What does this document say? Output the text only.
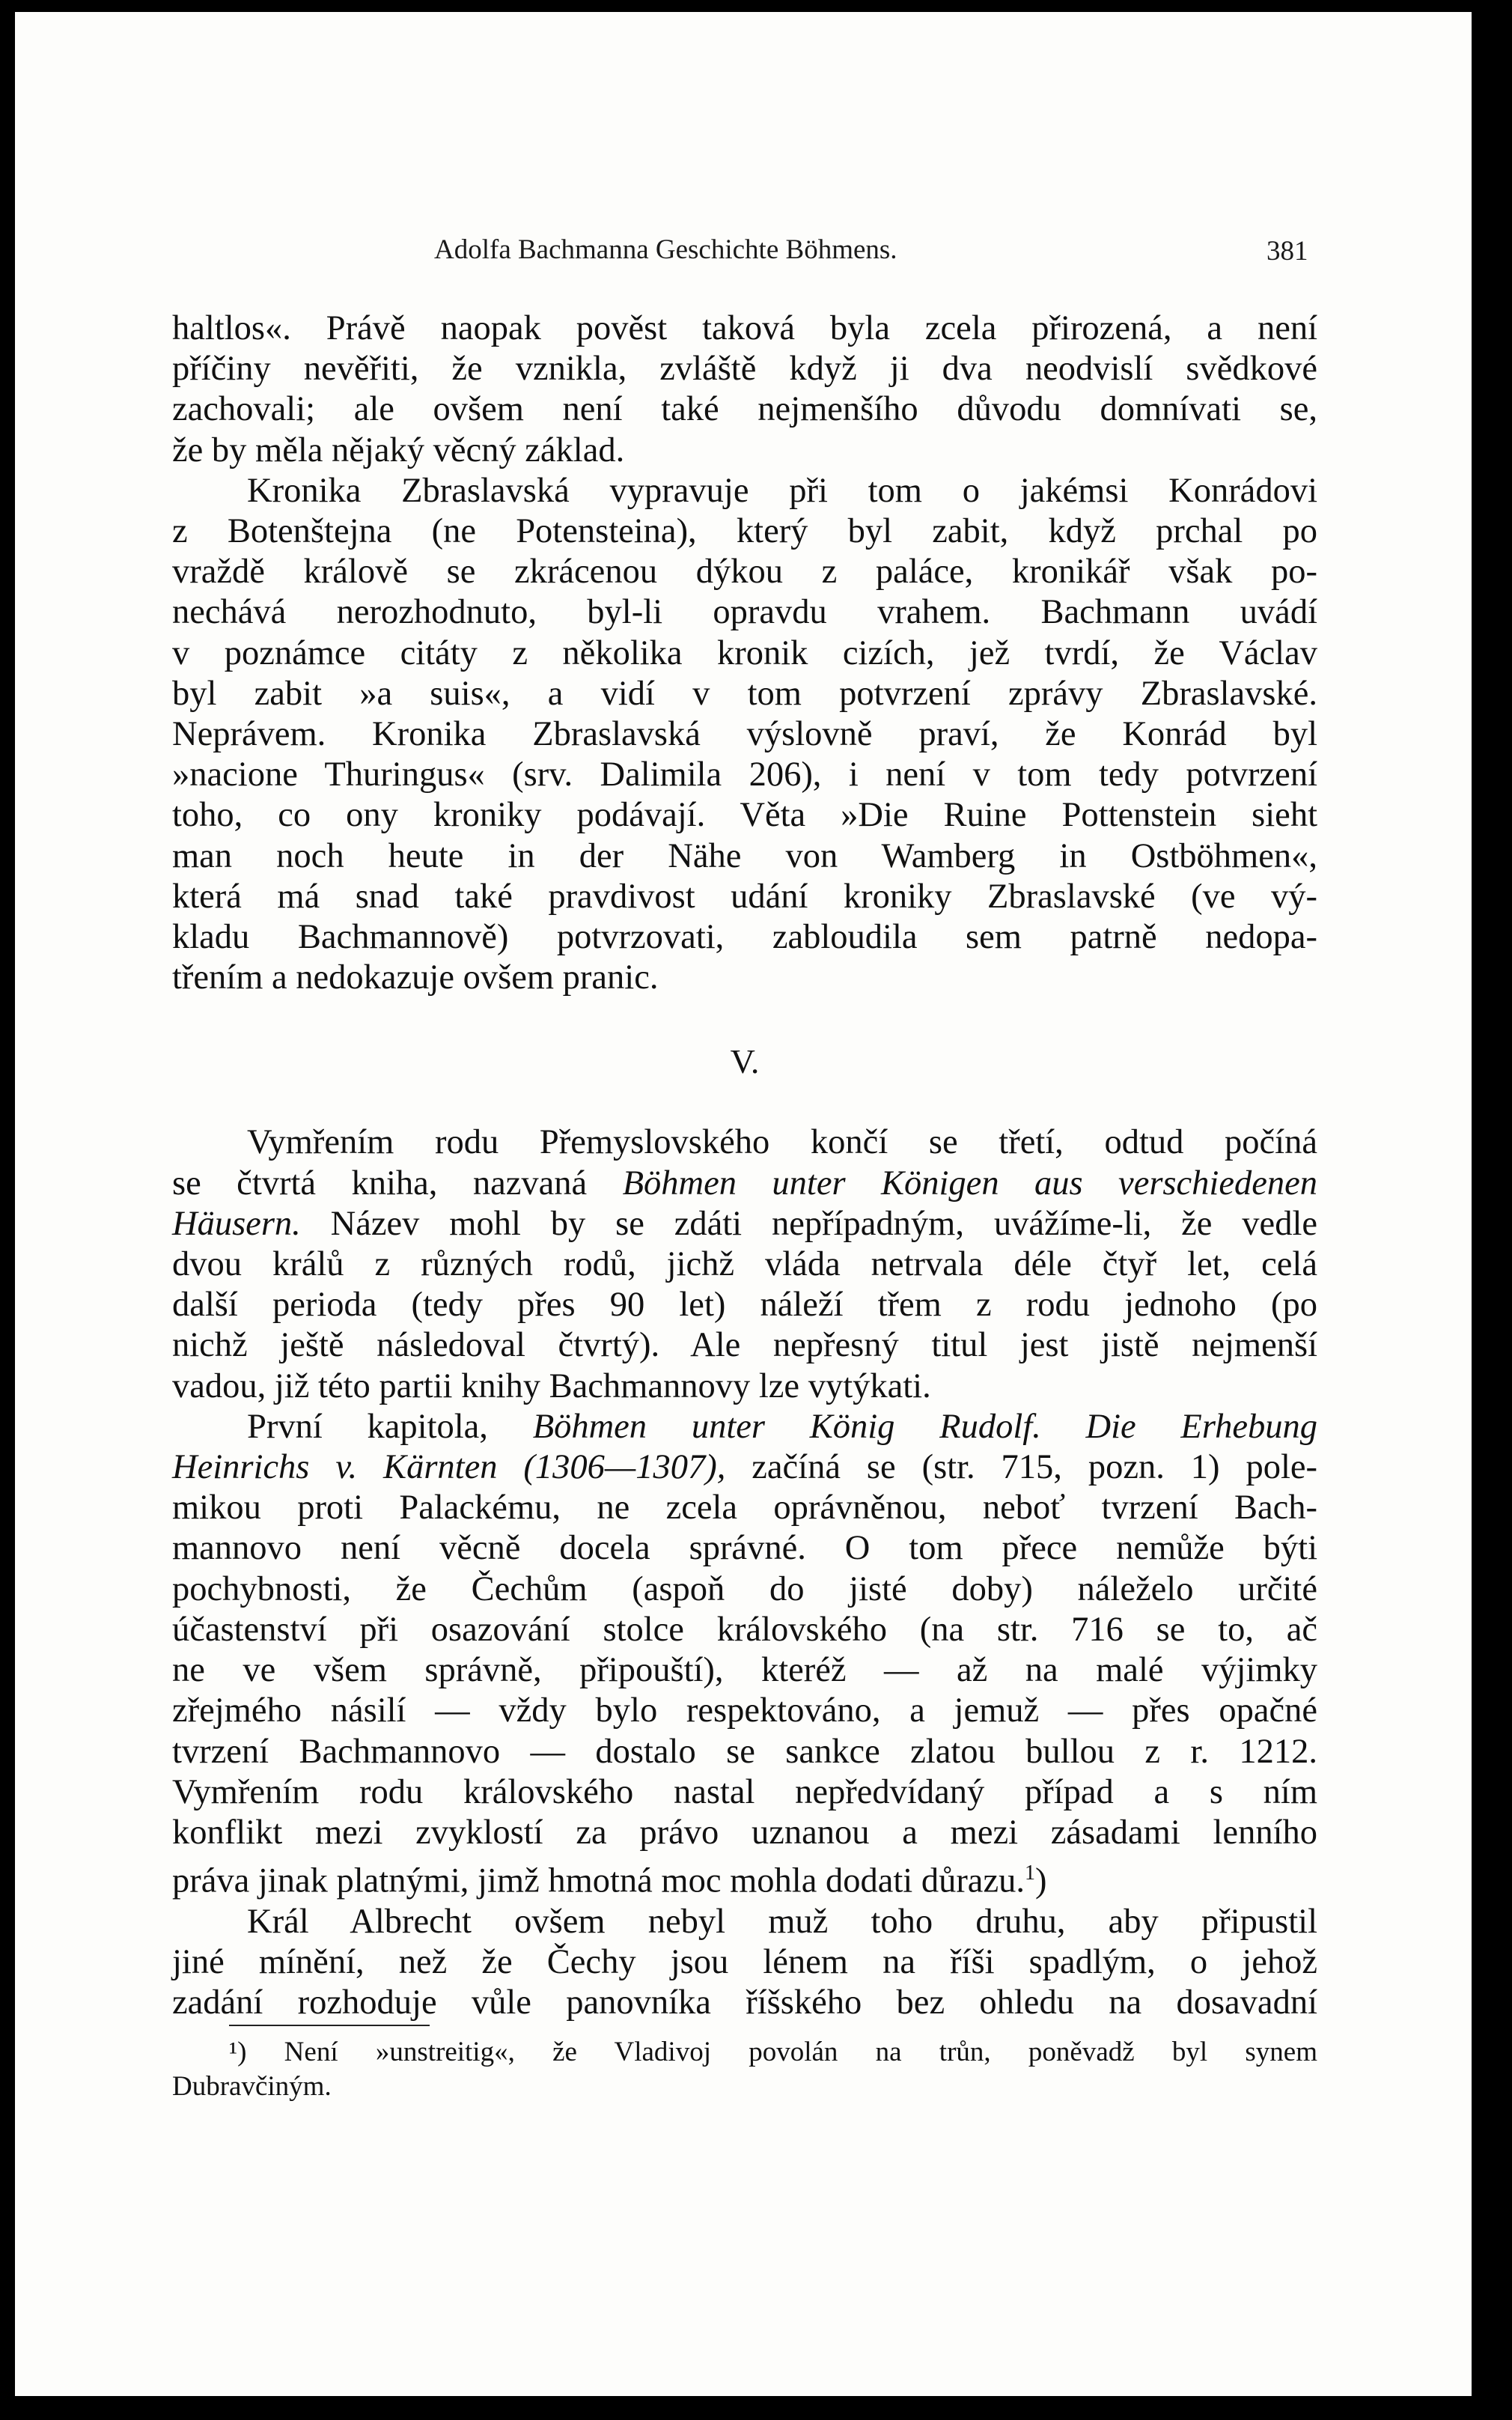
Adolfa Bachmanna Geschichte Böhmens.	381
haltlos«. Právě naopak pověst taková byla zcela přirozená, a není
příčiny nevěřiti, že vznikla, zvláště když ji dva neodvislí svědkové
zachovali; ale ovšem není také nejmenšího důvodu domnívati se,
že by měla nějaký věcný základ.
Kronika Zbraslavská vypravuje při tom o jakémsi Konrádovi
z Botenštejna (ne Potensteina), který byl zabit, když prchal po
vraždě králově se zkrácenou dýkou z paláce, kronikář však po-
nechává nerozhodnuto, byl-li opravdu vrahem. Bachmann uvádí
v poznámce citáty z několika kronik cizích, jež tvrdí, že Václav
byl zabit »a suis«, a vidí v tom potvrzení zprávy Zbraslavské.
Neprávem. Kronika Zbraslavská výslovně praví, že Konrád byl
»nacione Thuringus« (srv. Dalimila 206), i není v tom tedy potvrzení
toho, co ony kroniky podávají. Věta »Die Ruine Pottenstein sieht
man noch heute in der Nähe von Wamberg in Ostböhmen«,
která má snad také pravdivost udání kroniky Zbraslavské (ve vý-
kladu Bachmannově) potvrzovati, zabloudila sem patrně nedopa-
třením a nedokazuje ovšem pranic.
V.
Vymřením rodu Přemyslovského končí se třetí, odtud počíná
se čtvrtá kniha, nazvaná Böhmen unter Königen aus verschiedenen
Häusern. Název mohl by se zdáti nepřípadným, uvážíme-li, že vedle
dvou králů z různých rodů, jichž vláda netrvala déle čtyř let, celá
další perioda (tedy přes 90 let) náleží třem z rodu jednoho (po
nichž ještě následoval čtvrtý). Ale nepřesný titul jest jistě nejmenší
vadou, již této partii knihy Bachmannovy lze vytýkati.
První kapitola, Böhmen unter König Rudolf. Die Erhebung
Heinrichs v. Kärnten (1306—1307), začíná se (str. 715, pozn. 1) pole-
mikou proti Palackému, ne zcela oprávněnou, neboť tvrzení Bach-
mannovo není věcně docela správné. O tom přece nemůže býti
pochybnosti, že Čechům (aspoň do jisté doby) náleželo určité
účastenství při osazování stolce královského (na str. 716 se to, ač
ne ve všem správně, připouští), kteréž — až na malé výjimky
zřejmého násilí — vždy bylo respektováno, a jemuž — přes opačné
tvrzení Bachmannovo — dostalo se sankce zlatou bullou z r. 1212.
Vymřením rodu královského nastal nepředvídaný případ a s ním
konflikt mezi zvyklostí za právo uznanou a mezi zásadami lenního
práva jinak platnými, jimž hmotná moc mohla dodati důrazu.$^1$)
Král Albrecht ovšem nebyl muž toho druhu, aby připustil
jiné mínění, než že Čechy jsou lénem na říši spadlým, o jehož
zadání rozhoduje vůle panovníka říšského bez ohledu na dosavadní
¹) Není »unstreitig«, že Vladivoj povolán na trůn, poněvadž byl synem
Dubravčiným.
